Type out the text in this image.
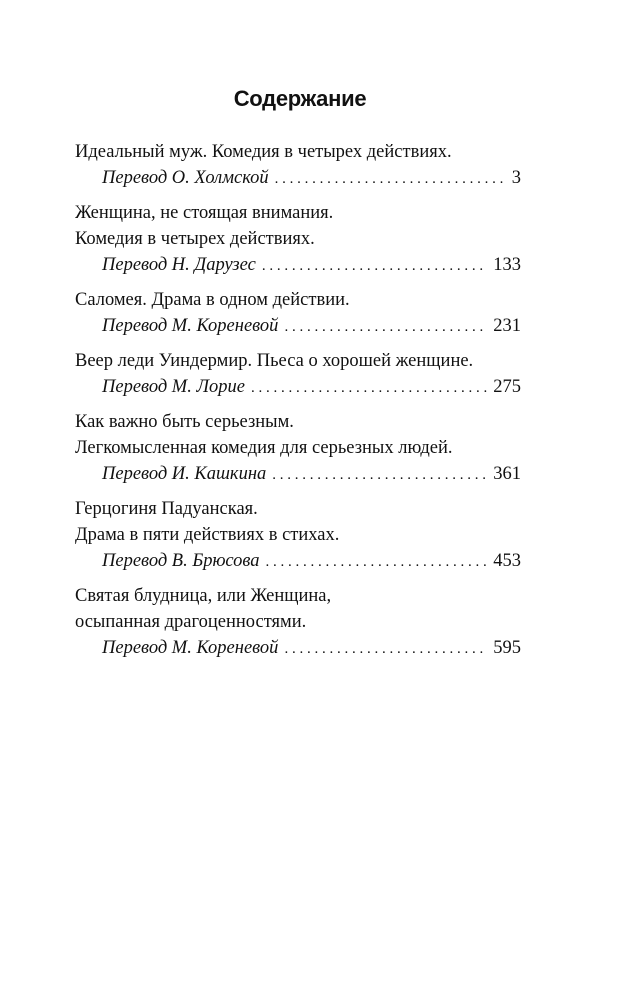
Содержание
Идеальный муж. Комедия в четырех действиях.
Перевод О. Холмской . . .	3
Женщина, не стоящая внимания.
Комедия в четырех действиях.
Перевод Н. Дарузес . . .	133
Саломея. Драма в одном действии.
Перевод М. Кореневой . . .	231
Веер леди Уиндермир. Пьеса о хорошей женщине.
Перевод М. Лорие . . .	275
Как важно быть серьезным.
Легкомысленная комедия для серьезных людей.
Перевод И. Кашкина . . .	361
Герцогиня Падуанская.
Драма в пяти действиях в стихах.
Перевод В. Брюсова . . .	453
Святая блудница, или Женщина,
осыпанная драгоценностями.
Перевод М. Кореневой . . .	595
